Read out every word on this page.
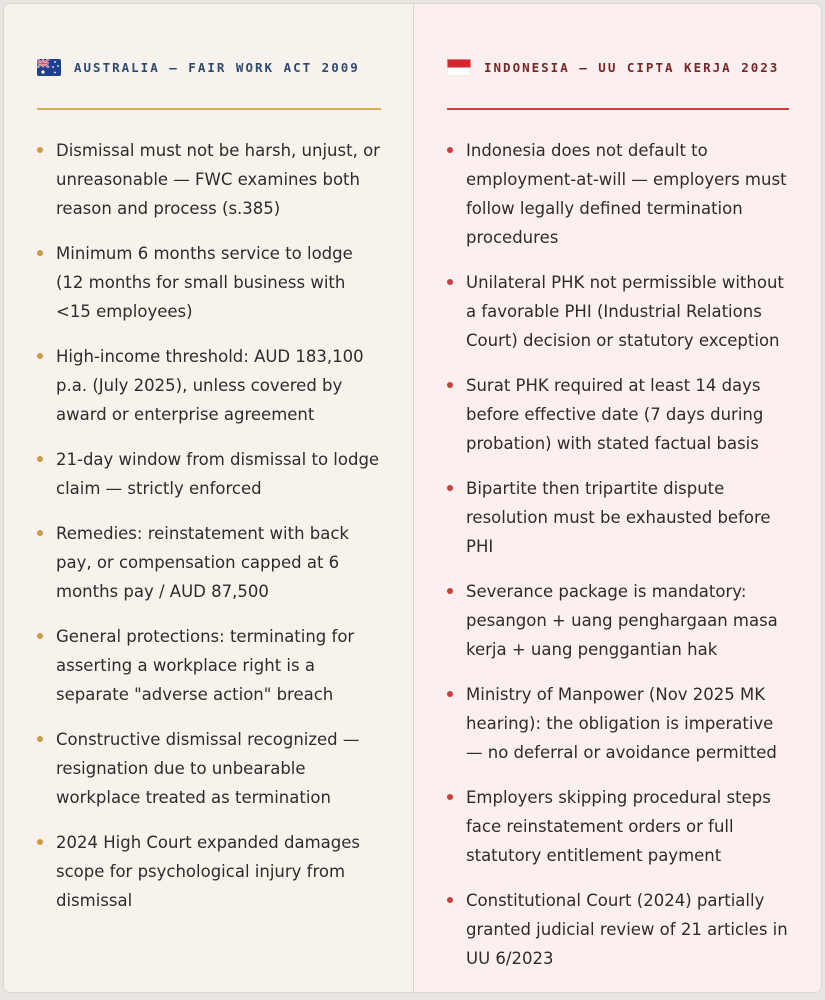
AUSTRALIA — FAIR WORK ACT 2009
Dismissal must not be harsh, unjust, or unreasonable — FWC examines both reason and process (s.385)
Minimum 6 months service to lodge (12 months for small business with <15 employees)
High-income threshold: AUD 183,100 p.a. (July 2025), unless covered by award or enterprise agreement
21-day window from dismissal to lodge claim — strictly enforced
Remedies: reinstatement with back pay, or compensation capped at 6 months pay / AUD 87,500
General protections: terminating for asserting a workplace right is a separate "adverse action" breach
Constructive dismissal recognized — resignation due to unbearable workplace treated as termination
2024 High Court expanded damages scope for psychological injury from dismissal
INDONESIA — UU CIPTA KERJA 2023
Indonesia does not default to employment-at-will — employers must follow legally defined termination procedures
Unilateral PHK not permissible without a favorable PHI (Industrial Relations Court) decision or statutory exception
Surat PHK required at least 14 days before effective date (7 days during probation) with stated factual basis
Bipartite then tripartite dispute resolution must be exhausted before PHI
Severance package is mandatory: pesangon + uang penghargaan masa kerja + uang penggantian hak
Ministry of Manpower (Nov 2025 MK hearing): the obligation is imperative — no deferral or avoidance permitted
Employers skipping procedural steps face reinstatement orders or full statutory entitlement payment
Constitutional Court (2024) partially granted judicial review of 21 articles in UU 6/2023
